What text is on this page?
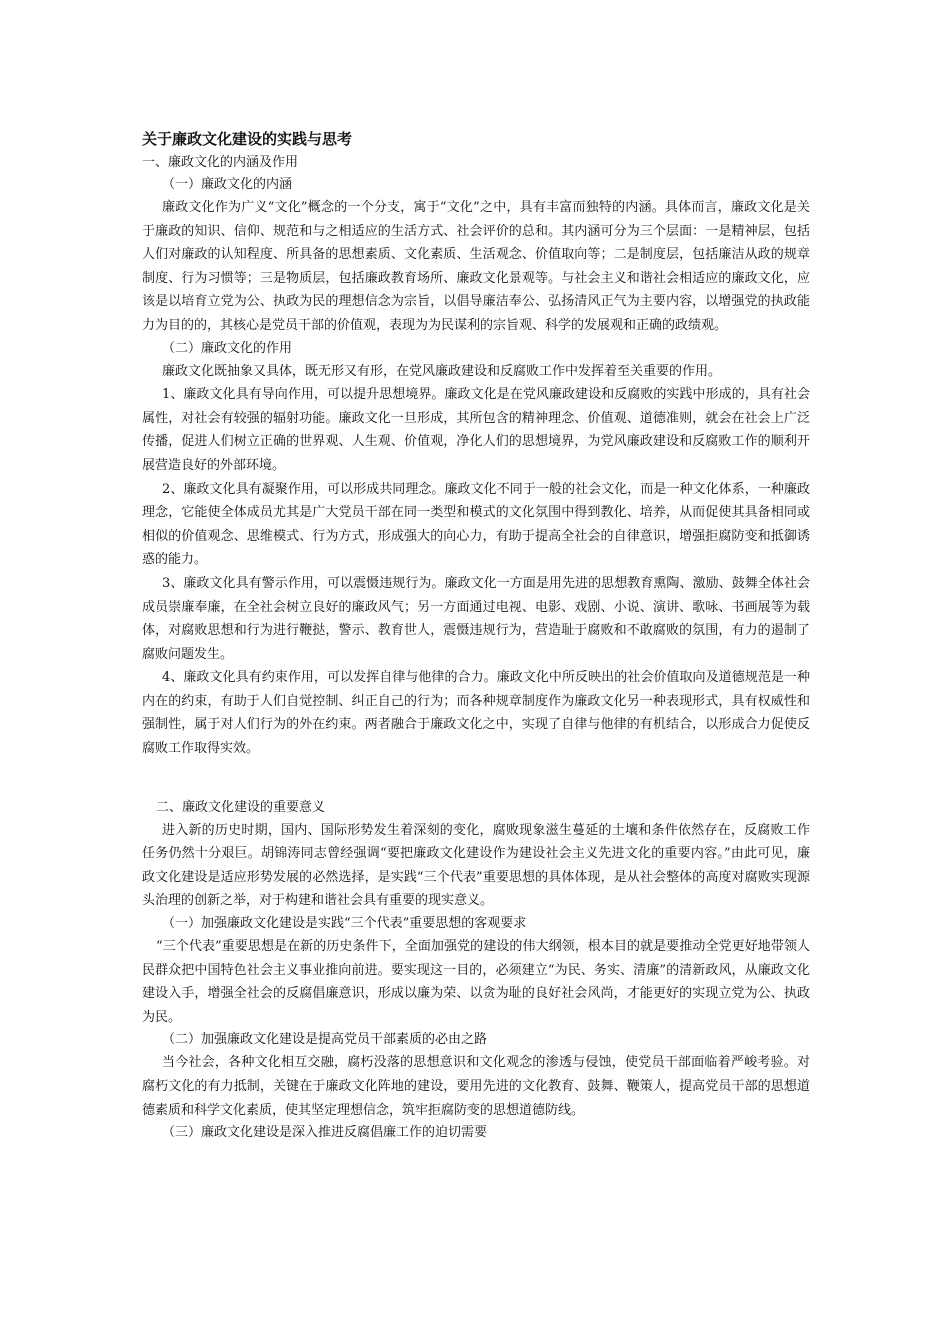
关于廉政文化建设的实践与思考
一、廉政文化的内涵及作用
（一）廉政文化的内涵

廉政文化作为广义“文化”概念的一个分支，寓于“文化”之中，具有丰富而独特的内涵。具体而言，廉政文化是关于廉政的知识、信仰、规范和与之相适应的生活方式、社会评价的总和。其内涵可分为三个层面：一是精神层，包括人们对廉政的认知程度、所具备的思想素质、文化素质、生活观念、价值取向等；二是制度层，包括廉洁从政的规章制度、行为习惯等；三是物质层，包括廉政教育场所、廉政文化景观等。与社会主义和谐社会相适应的廉政文化，应该是以培育立党为公、执政为民的理想信念为宗旨，以倡导廉洁奉公、弘扬清风正气为主要内容，以增强党的执政能力为目的的，其核心是党员干部的价值观，表现为为民谋利的宗旨观、科学的发展观和正确的政绩观。

（二）廉政文化的作用

廉政文化既抽象又具体，既无形又有形，在党风廉政建设和反腐败工作中发挥着至关重要的作用。

1、廉政文化具有导向作用，可以提升思想境界。廉政文化是在党风廉政建设和反腐败的实践中形成的，具有社会属性，对社会有较强的辐射功能。廉政文化一旦形成，其所包含的精神理念、价值观、道德准则，就会在社会上广泛传播，促进人们树立正确的世界观、人生观、价值观，净化人们的思想境界，为党风廉政建设和反腐败工作的顺利开展营造良好的外部环境。

2、廉政文化具有凝聚作用，可以形成共同理念。廉政文化不同于一般的社会文化，而是一种文化体系，一种廉政理念，它能使全体成员尤其是广大党员干部在同一类型和模式的文化氛围中得到教化、培养，从而促使其具备相同或相似的价值观念、思维模式、行为方式，形成强大的向心力，有助于提高全社会的自律意识，增强拒腐防变和抵御诱惑的能力。

3、廉政文化具有警示作用，可以震慑违规行为。廉政文化一方面是用先进的思想教育熏陶、激励、鼓舞全体社会成员崇廉奉廉，在全社会树立良好的廉政风气；另一方面通过电视、电影、戏剧、小说、演讲、歌咏、书画展等为载体，对腐败思想和行为进行鞭挞，警示、教育世人，震慑违规行为，营造耻于腐败和不敢腐败的氛围，有力的遏制了腐败问题发生。

4、廉政文化具有约束作用，可以发挥自律与他律的合力。廉政文化中所反映出的社会价值取向及道德规范是一种内在的约束，有助于人们自觉控制、纠正自己的行为；而各种规章制度作为廉政文化另一种表现形式，具有权威性和强制性，属于对人们行为的外在约束。两者融合于廉政文化之中，实现了自律与他律的有机结合，以形成合力促使反腐败工作取得实效。

二、廉政文化建设的重要意义

进入新的历史时期，国内、国际形势发生着深刻的变化，腐败现象滋生蔓延的土壤和条件依然存在，反腐败工作任务仍然十分艰巨。胡锦涛同志曾经强调“要把廉政文化建设作为建设社会主义先进文化的重要内容。”由此可见，廉政文化建设是适应形势发展的必然选择，是实践“三个代表”重要思想的具体体现，是从社会整体的高度对腐败实现源头治理的创新之举，对于构建和谐社会具有重要的现实意义。

（一）加强廉政文化建设是实践“三个代表”重要思想的客观要求

“三个代表”重要思想是在新的历史条件下，全面加强党的建设的伟大纲领，根本目的就是要推动全党更好地带领人民群众把中国特色社会主义事业推向前进。要实现这一目的，必须建立“为民、务实、清廉”的清新政风，从廉政文化建设入手，增强全社会的反腐倡廉意识，形成以廉为荣、以贪为耻的良好社会风尚，才能更好的实现立党为公、执政为民。

（二）加强廉政文化建设是提高党员干部素质的必由之路

当今社会，各种文化相互交融，腐朽没落的思想意识和文化观念的渗透与侵蚀，使党员干部面临着严峻考验。对腐朽文化的有力抵制，关键在于廉政文化阵地的建设，要用先进的文化教育、鼓舞、鞭策人，提高党员干部的思想道德素质和科学文化素质，使其坚定理想信念，筑牢拒腐防变的思想道德防线。

（三）廉政文化建设是深入推进反腐倡廉工作的迫切需要
